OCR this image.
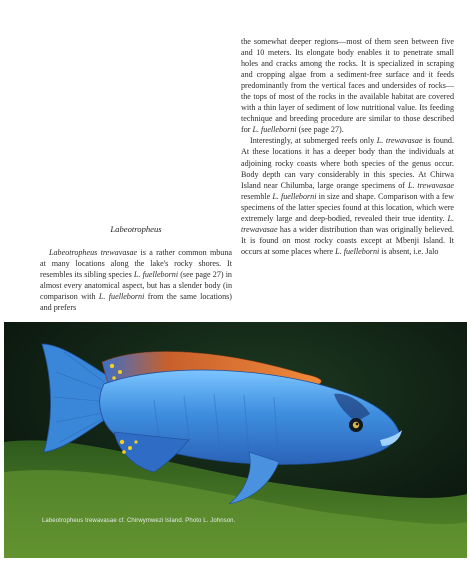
the somewhat deeper regions—most of them seen between five and 10 meters. Its elongate body enables it to penetrate small holes and cracks among the rocks. It is specialized in scraping and cropping algae from a sediment-free surface and it feeds predominantly from the vertical faces and undersides of rocks—the tops of most of the rocks in the available habitat are covered with a thin layer of sediment of low nutritional value. Its feeding technique and breeding procedure are similar to those described for L. fuelleborni (see page 27).

Interestingly, at submerged reefs only L. trewavasae is found. At these locations it has a deeper body than the individuals at adjoining rocky coasts where both species of the genus occur. Body depth can vary considerably in this species. At Chirwa Island near Chilumba, large orange specimens of L. trewavasae resemble L. fuelleborni in size and shape. Comparison with a few specimens of the latter species found at this location, which were extremely large and deep-bodied, revealed their true identity. L. trewavasae has a wider distribution than was originally believed. It is found on most rocky coasts except at Mbenji Island. It occurs at some places where L. fuelleborni is absent, i.e. Jalo

Labeotropheus

Labeotropheus trewavasae is a rather common mbuna at many locations along the lake's rocky shores. It resembles its sibling species L. fuelleborni (see page 27) in almost every anatomical aspect, but has a slender body (in comparison with L. fuelleborni from the same locations) and prefers

Labeotropheus trewavasae cf. Chirwymwezi Island. Photo L. Johnson.
